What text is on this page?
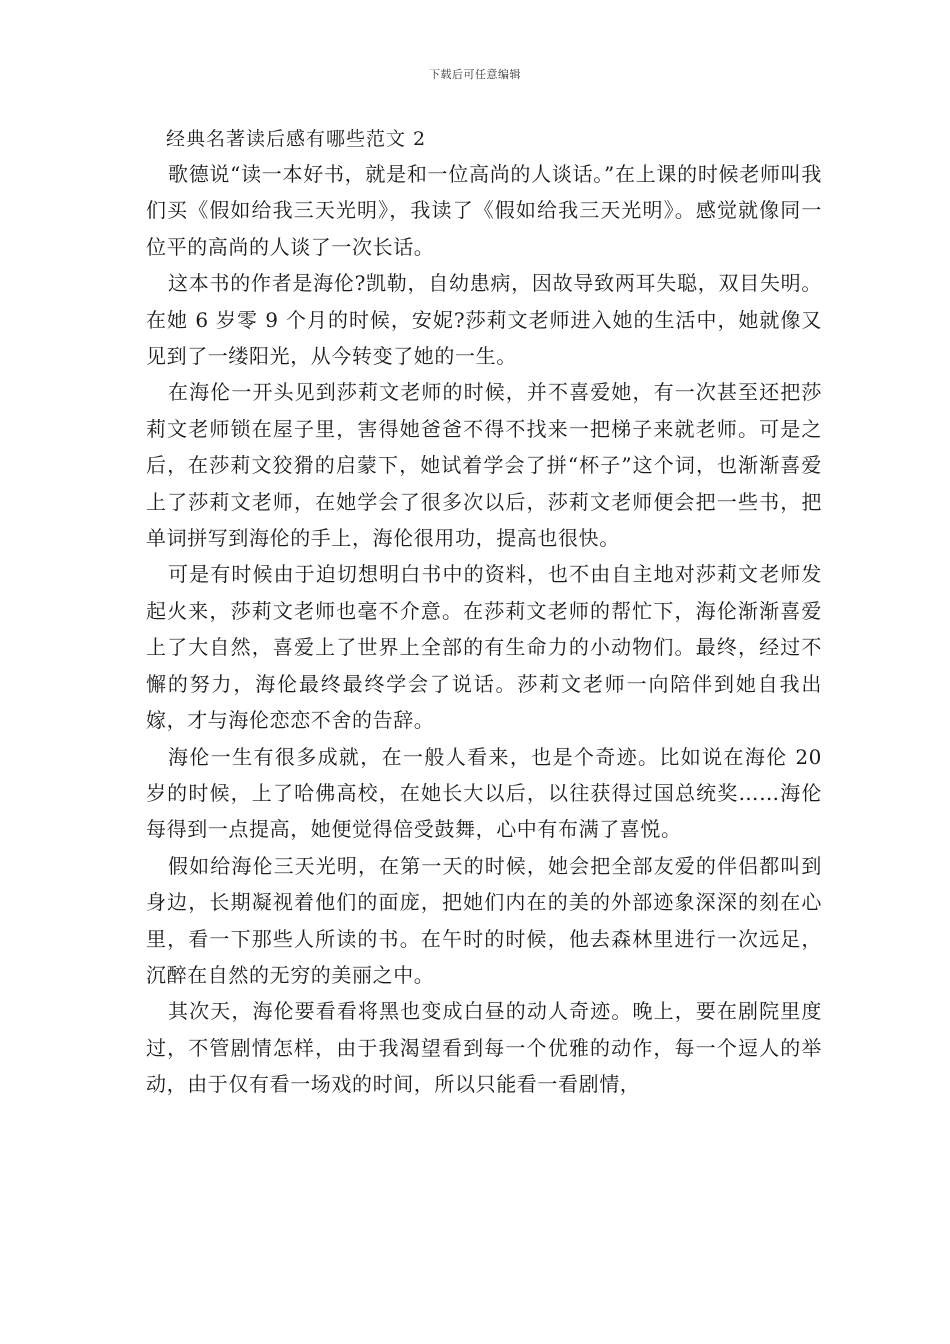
下载后可任意编辑
经典名著读后感有哪些范文 2

歌德说“读一本好书，就是和一位高尚的人谈话。”在上课的时候老师叫我们买《假如给我三天光明》，我读了《假如给我三天光明》。感觉就像同一位平的高尚的人谈了一次长话。

这本书的作者是海伦?凯勒，自幼患病，因故导致两耳失聪，双目失明。在她 6 岁零 9 个月的时候，安妮?莎莉文老师进入她的生活中，她就像又见到了一缕阳光，从今转变了她的一生。

在海伦一开头见到莎莉文老师的时候，并不喜爱她，有一次甚至还把莎莉文老师锁在屋子里，害得她爸爸不得不找来一把梯子来就老师。可是之后，在莎莉文狡猾的启蒙下，她试着学会了拼“杯子”这个词，也渐渐喜爱上了莎莉文老师，在她学会了很多次以后，莎莉文老师便会把一些书，把单词拼写到海伦的手上，海伦很用功，提高也很快。

可是有时候由于迫切想明白书中的资料，也不由自主地对莎莉文老师发起火来，莎莉文老师也毫不介意。在莎莉文老师的帮忙下，海伦渐渐喜爱上了大自然，喜爱上了世界上全部的有生命力的小动物们。最终，经过不懈的努力，海伦最终最终学会了说话。莎莉文老师一向陪伴到她自我出嫁，才与海伦恋恋不舍的告辞。

海伦一生有很多成就，在一般人看来，也是个奇迹。比如说在海伦 20 岁的时候，上了哈佛高校，在她长大以后，以往获得过国总统奖……海伦每得到一点提高，她便觉得倍受鼓舞，心中有布满了喜悦。

假如给海伦三天光明，在第一天的时候，她会把全部友爱的伴侣都叫到身边，长期凝视着他们的面庞，把她们内在的美的外部迹象深深的刻在心里，看一下那些人所读的书。在午时的时候，他去森林里进行一次远足，沉醉在自然的无穷的美丽之中。

其次天，海伦要看看将黑也变成白昼的动人奇迹。晚上，要在剧院里度过，不管剧情怎样，由于我渴望看到每一个优雅的动作，每一个逗人的举动，由于仅有看一场戏的时间，所以只能看一看剧情，
